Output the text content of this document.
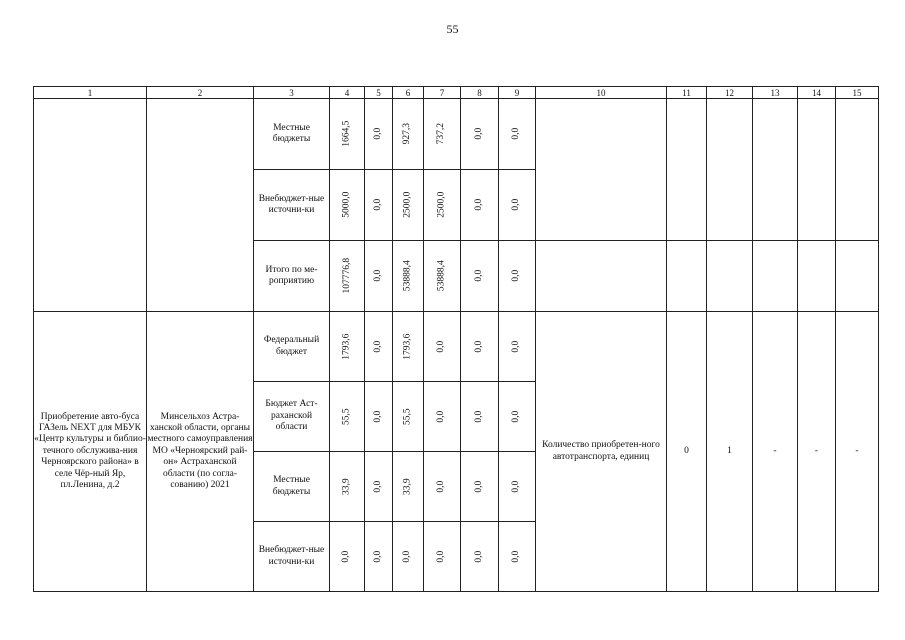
55
1	2	3	4	5	6	7	8	9	10	11	12	13	14	15
		Местные бюджеты	1664,5	0,0	927,3	737,2	0,0	0,0						
		Внебюджет-ные источни-ки	5000,0	0,0	2500,0	2500,0	0,0	0,0						
		Итого по ме-роприятию	107776,8	0,0	53888,4	53888,4	0,0	0,0						
Приобретение авто-буса ГАЗель NEXT для МБУК «Центр культуры и библио-течного обслужива-ния Черноярского района» в селе Чёр-ный Яр, пл.Ленина, д.2	Минсельхоз Астра-ханской области, органы местного самоуправления МО «Черноярский рай-он» Астраханской области (по согла-сованию) 2021	Федеральный бюджет	1793,6	0,0	1793,6	0,0	0,0	0,0	Количество приобретен-ного автотранспорта, единиц	0	1	-	-	-
		Бюджет Аст-раханской области	55,5	0,0	55,5	0,0	0,0	0,0						
		Местные бюджеты	33,9	0,0	33,9	0,0	0,0	0,0						
		Внебюджет-ные источни-ки	0,0	0,0	0,0	0,0	0,0	0,0						
